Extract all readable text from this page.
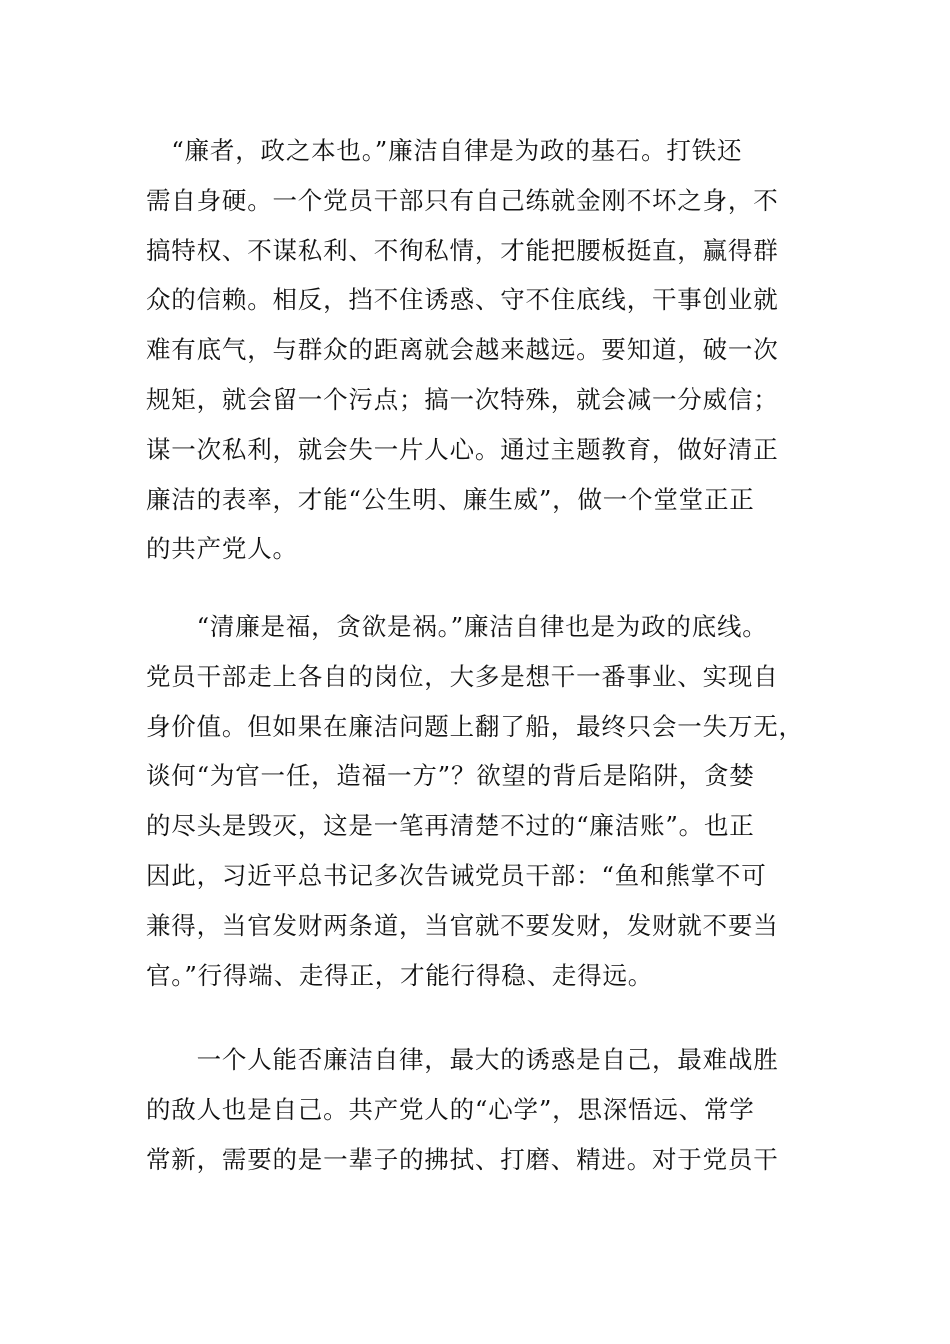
　“廉者，政之本也。”廉洁自律是为政的基石。打铁还
需自身硬。一个党员干部只有自己练就金刚不坏之身，不
搞特权、不谋私利、不徇私情，才能把腰板挺直，赢得群
众的信赖。相反，挡不住诱惑、守不住底线，干事创业就
难有底气，与群众的距离就会越来越远。要知道，破一次
规矩，就会留一个污点；搞一次特殊，就会减一分威信；
谋一次私利，就会失一片人心。通过主题教育，做好清正
廉洁的表率，才能“公生明、廉生威”，做一个堂堂正正
的共产党人。
　　“清廉是福，贪欲是祸。”廉洁自律也是为政的底线。
党员干部走上各自的岗位，大多是想干一番事业、实现自
身价值。但如果在廉洁问题上翻了船，最终只会一失万无，
谈何“为官一任，造福一方”？欲望的背后是陷阱，贪婪
的尽头是毁灭，这是一笔再清楚不过的“廉洁账”。也正
因此，习近平总书记多次告诫党员干部：“鱼和熊掌不可
兼得，当官发财两条道，当官就不要发财，发财就不要当
官。”行得端、走得正，才能行得稳、走得远。
　　一个人能否廉洁自律，最大的诱惑是自己，最难战胜
的敌人也是自己。共产党人的“心学”，思深悟远、常学
常新，需要的是一辈子的拂拭、打磨、精进。对于党员干
